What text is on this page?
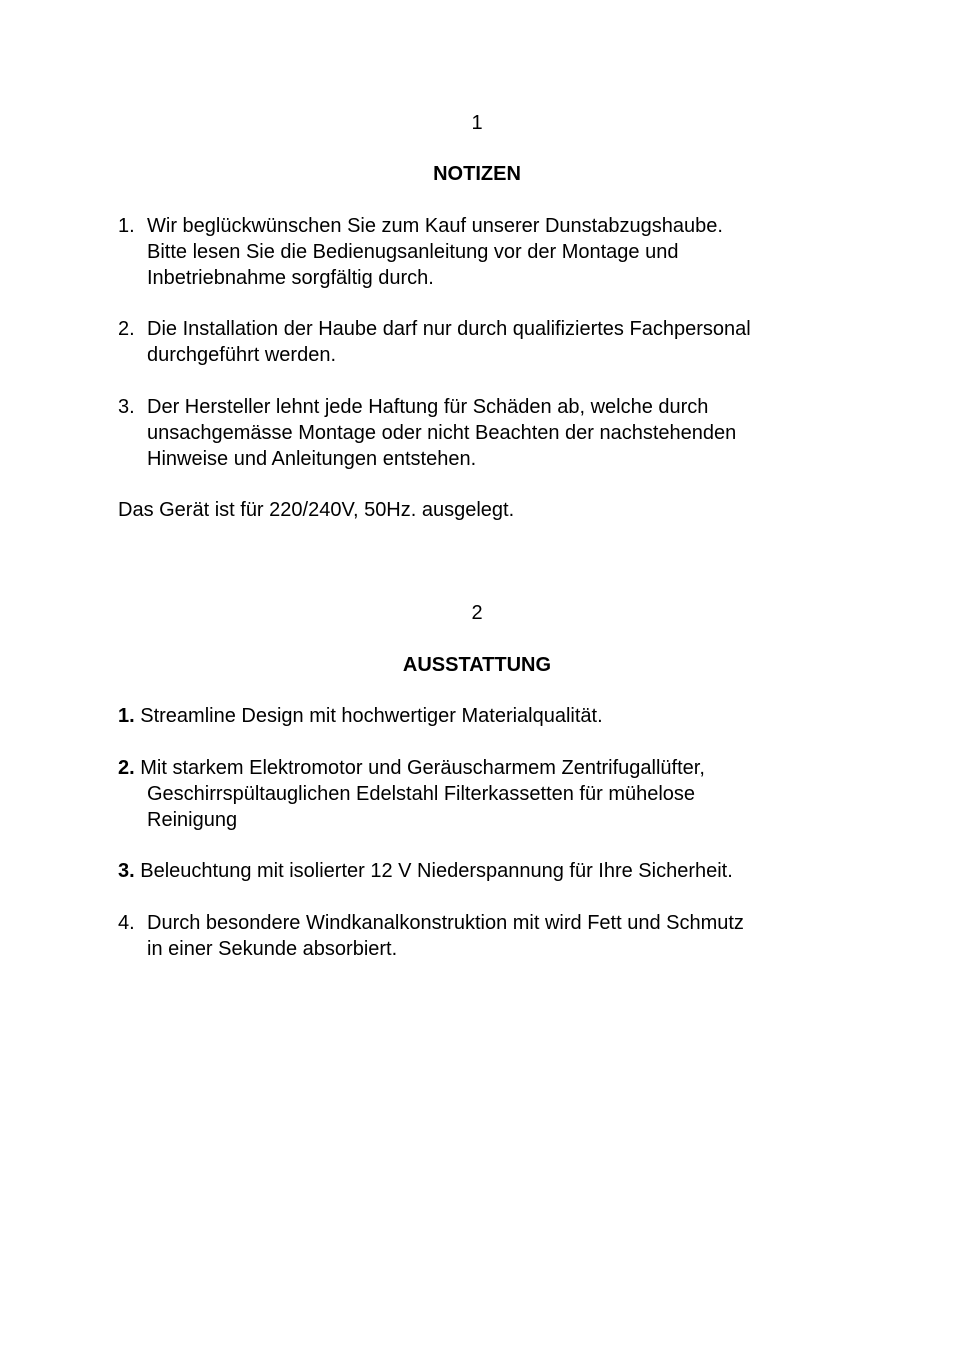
1

NOTIZEN

1. Wir beglückwünschen Sie zum Kauf unserer Dunstabzugshaube.
Bitte lesen Sie die Bedienugsanleitung vor der Montage und
Inbetriebnahme sorgfältig durch.
2. Die Installation der Haube darf nur durch qualifiziertes Fachpersonal
durchgeführt werden.
3. Der Hersteller lehnt jede Haftung für Schäden ab, welche durch
unsachgemässe Montage oder nicht Beachten der nachstehenden
Hinweise und Anleitungen entstehen.

Das Gerät ist für 220/240V, 50Hz. ausgelegt.

2

AUSSTATTUNG

1. Streamline Design mit hochwertiger Materialqualität.
2. Mit starkem Elektromotor und Geräuscharmem Zentrifugallüfter,
Geschirrspültauglichen Edelstahl Filterkassetten für mühelose
Reinigung
3. Beleuchtung mit isolierter 12 V Niederspannung für Ihre Sicherheit.
4. Durch besondere Windkanalkonstruktion mit wird Fett und Schmutz
in einer Sekunde absorbiert.
